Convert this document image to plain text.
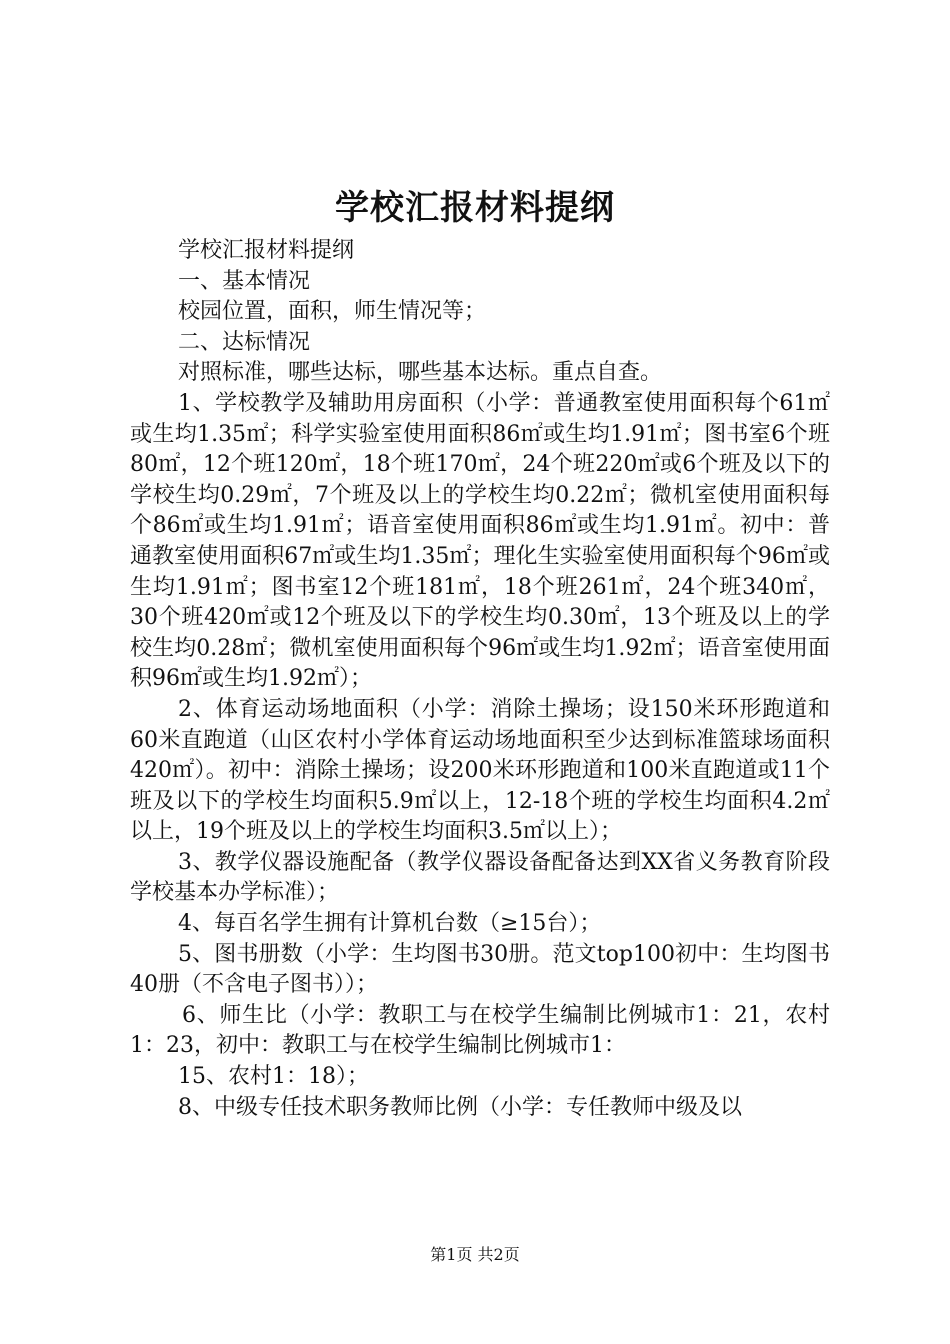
学校汇报材料提纲

学校汇报材料提纲

一、基本情况

校园位置，面积，师生情况等；

二、达标情况

对照标准，哪些达标，哪些基本达标。重点自查。

1、学校教学及辅助用房面积（小学：普通教室使用面积每个61㎡或生均1.35㎡；科学实验室使用面积86㎡或生均1.91㎡；图书室6个班80㎡，12个班120㎡，18个班170㎡，24个班220㎡或6个班及以下的学校生均0.29㎡，7个班及以上的学校生均0.22㎡；微机室使用面积每个86㎡或生均1.91㎡；语音室使用面积86㎡或生均1.91㎡。初中：普通教室使用面积67㎡或生均1.35㎡；理化生实验室使用面积每个96㎡或生均1.91㎡；图书室12个班181㎡，18个班261㎡，24个班340㎡，30个班420㎡或12个班及以下的学校生均0.30㎡，13个班及以上的学校生均0.28㎡；微机室使用面积每个96㎡或生均1.92㎡；语音室使用面积96㎡或生均1.92㎡）；

2、体育运动场地面积（小学：消除土操场；设150米环形跑道和60米直跑道（山区农村小学体育运动场地面积至少达到标准篮球场面积420㎡）。初中：消除土操场；设200米环形跑道和100米直跑道或11个班及以下的学校生均面积5.9㎡以上，12-18个班的学校生均面积4.2㎡以上，19个班及以上的学校生均面积3.5㎡以上）；

3、教学仪器设施配备（教学仪器设备配备达到XX省义务教育阶段学校基本办学标准）；

4、每百名学生拥有计算机台数（≥15台）；

5、图书册数（小学：生均图书30册。范文top100初中：生均图书40册（不含电子图书））；

6、师生比（小学：教职工与在校学生编制比例城市1：21，农村1：23，初中：教职工与在校学生编制比例城市1：

15、农村1：18）；

8、中级专任技术职务教师比例（小学：专任教师中级及以

第1页 共2页
